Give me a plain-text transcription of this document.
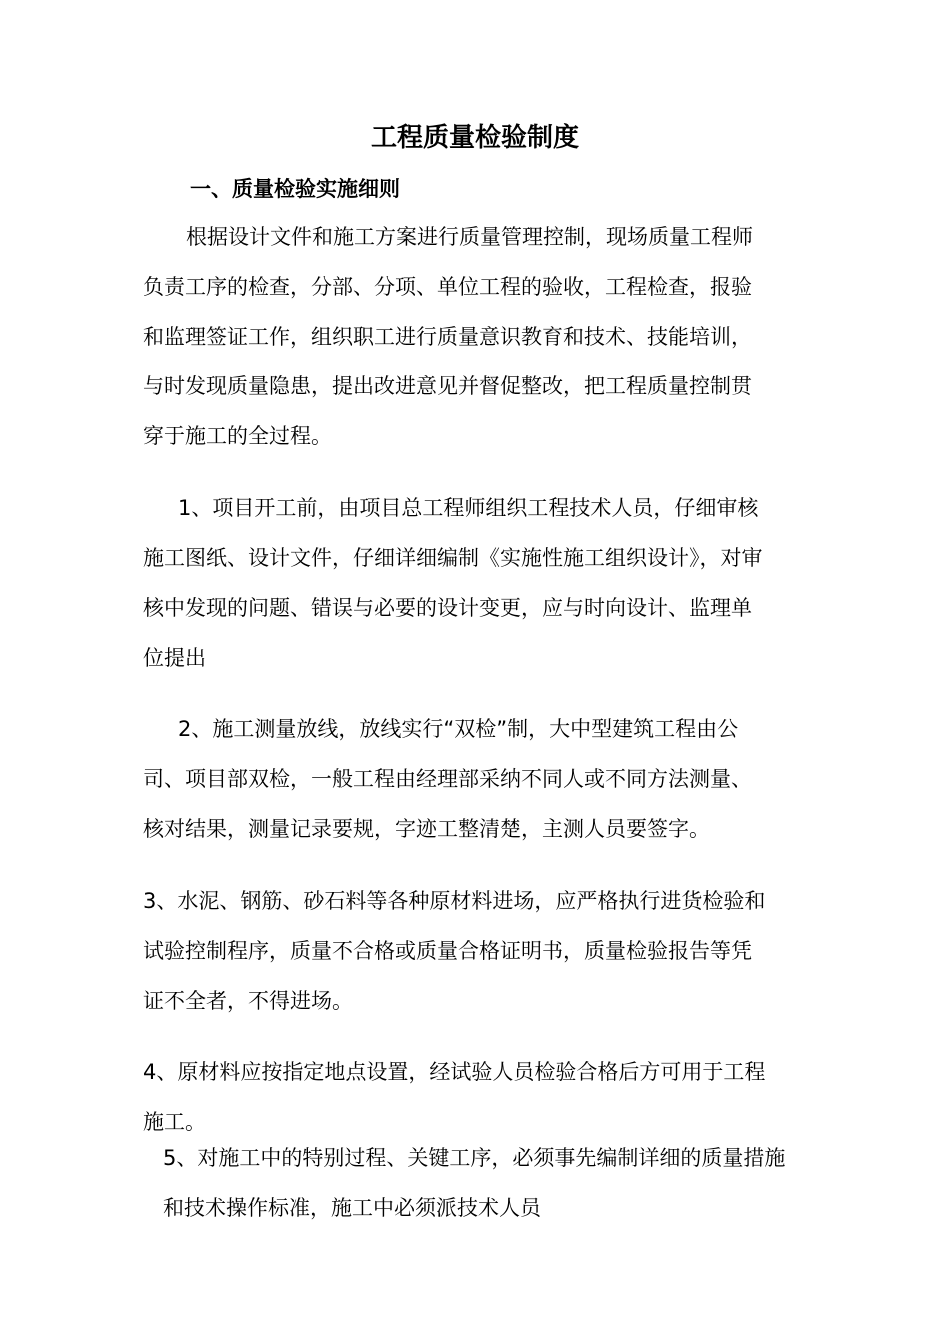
工程质量检验制度
一、质量检验实施细则
根据设计文件和施工方案进行质量管理控制，现场质量工程师
负责工序的检查，分部、分项、单位工程的验收，工程检查，报验
和监理签证工作，组织职工进行质量意识教育和技术、技能培训，
与时发现质量隐患，提出改进意见并督促整改，把工程质量控制贯
穿于施工的全过程。
1、项目开工前，由项目总工程师组织工程技术人员，仔细审核
施工图纸、设计文件，仔细详细编制《实施性施工组织设计》，对审
核中发现的问题、错误与必要的设计变更，应与时向设计、监理单
位提出
2、施工测量放线，放线实行“双检”制，大中型建筑工程由公
司、项目部双检，一般工程由经理部采纳不同人或不同方法测量、
核对结果，测量记录要规，字迹工整清楚，主测人员要签字。
3、水泥、钢筋、砂石料等各种原材料进场，应严格执行进货检验和
试验控制程序，质量不合格或质量合格证明书，质量检验报告等凭
证不全者，不得进场。
4、原材料应按指定地点设置，经试验人员检验合格后方可用于工程
施工。
5、对施工中的特别过程、关键工序，必须事先编制详细的质量措施
和技术操作标准，施工中必须派技术人员
